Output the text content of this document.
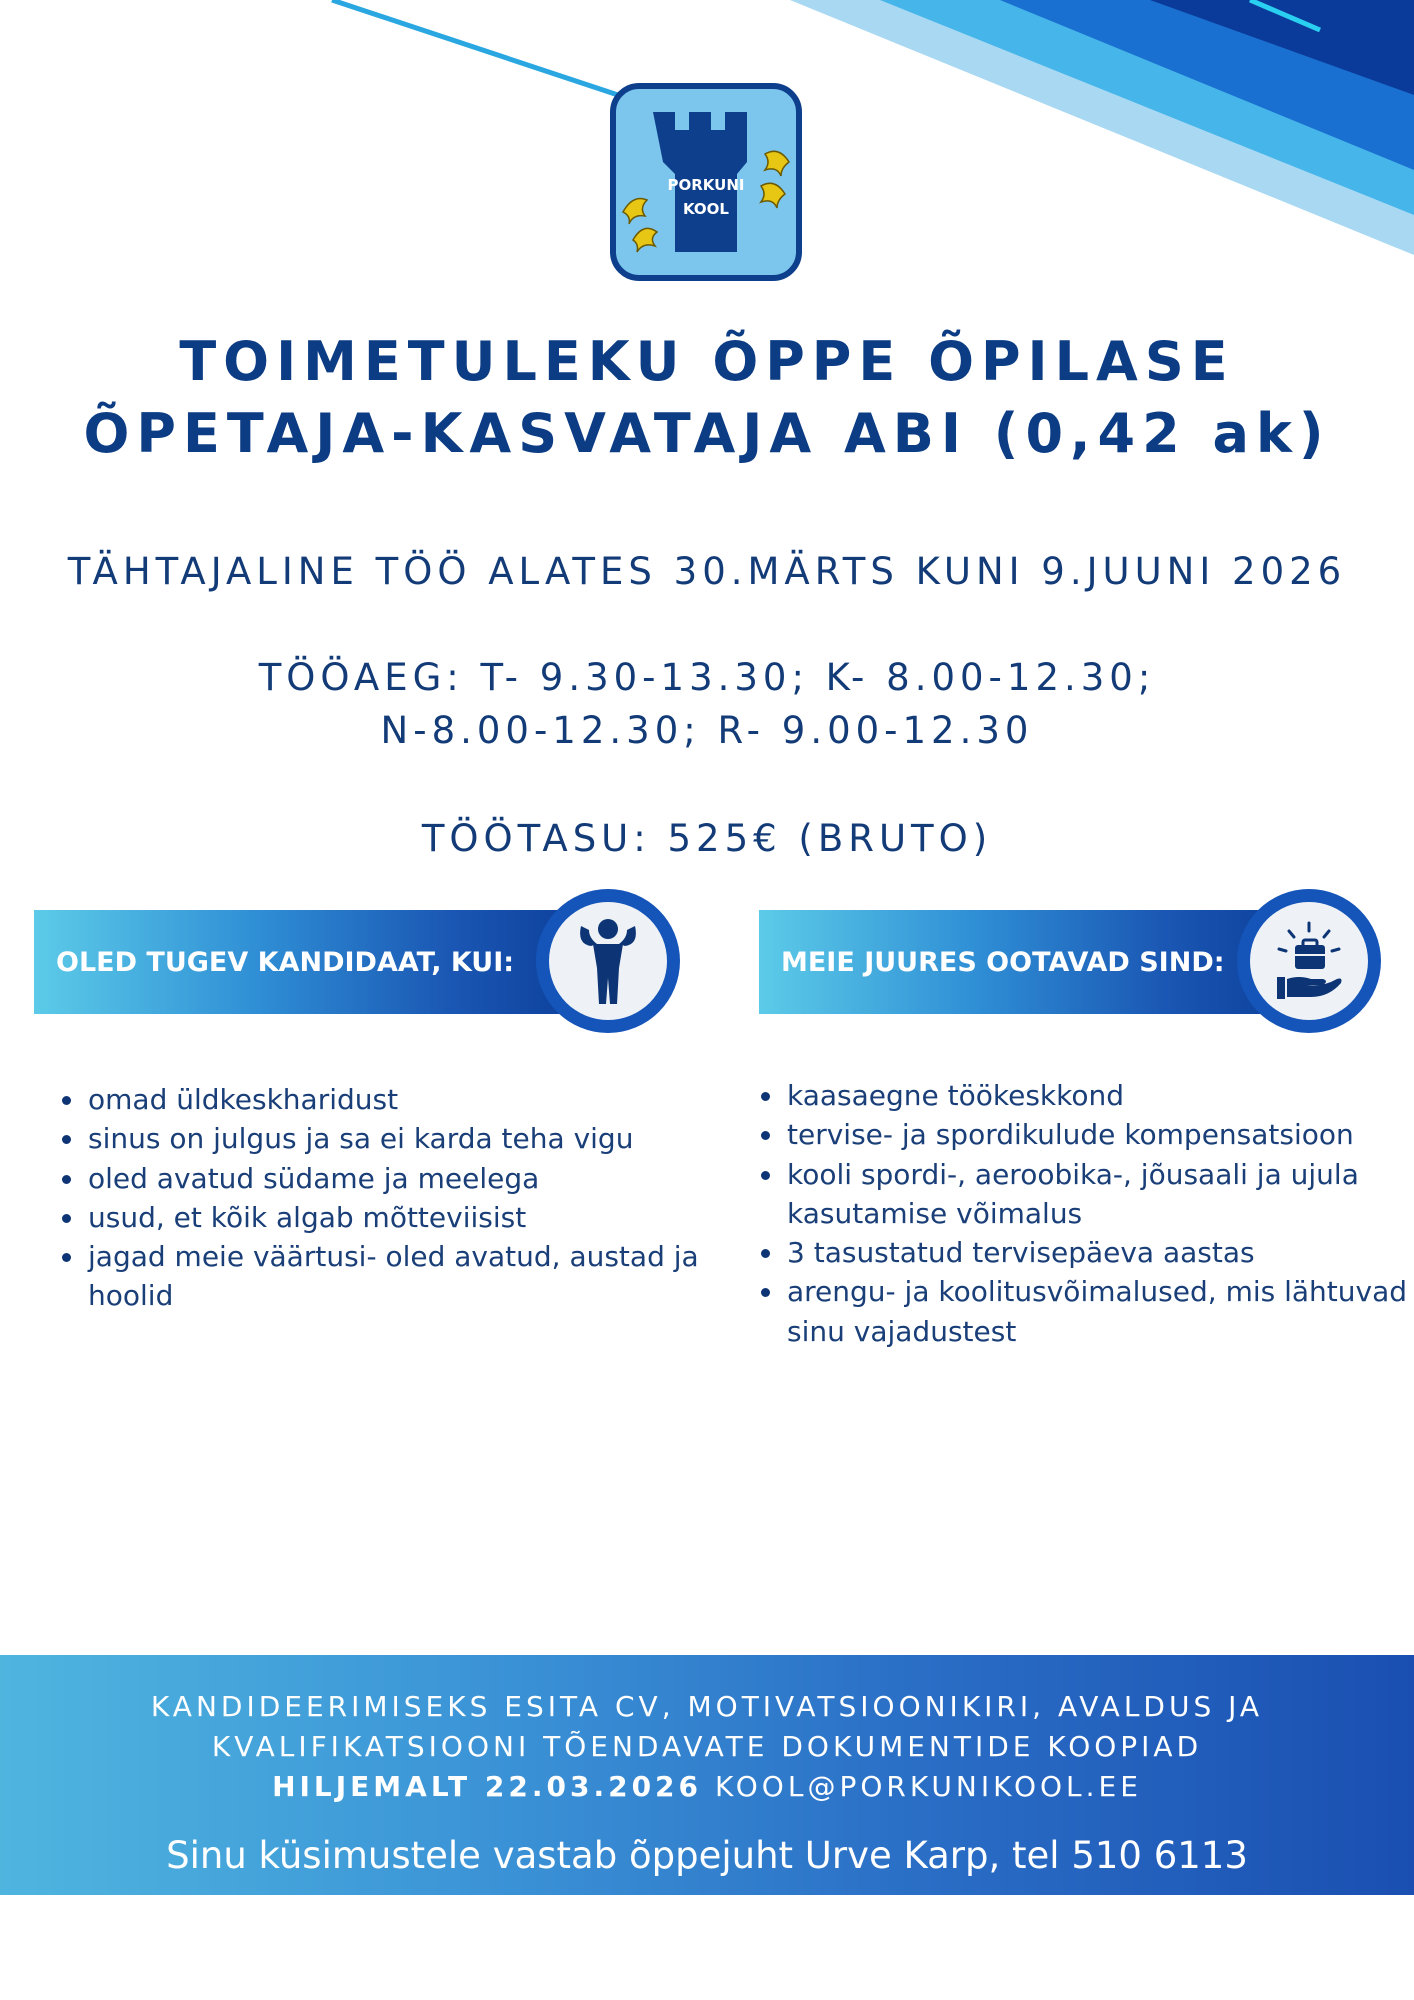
PORKUNI
KOOL
TOIMETULEKU ÕPPE ÕPILASE
ÕPETAJA-KASVATAJA ABI (0,42 ak)

TÄHTAJALINE TÖÖ ALATES 30.MÄRTS KUNI 9.JUUNI 2026

TÖÖAEG: T- 9.30-13.30; K- 8.00-12.30;
N-8.00-12.30; R- 9.00-12.30

TÖÖTASU: 525€ (BRUTO)

OLED TUGEV KANDIDAAT, KUI:
omad üldkeskharidust
sinus on julgus ja sa ei karda teha vigu
oled avatud südame ja meelega
usud, et kõik algab mõtteviisist
jagad meie väärtusi- oled avatud, austad ja hoolid
MEIE JUURES OOTAVAD SIND:
kaasaegne töökeskkond
tervise- ja spordikulude kompensatsioon
kooli spordi-, aeroobika-, jõusaali ja ujula kasutamise võimalus
3 tasustatud tervisepäeva aastas
arengu- ja koolitusvõimalused, mis lähtuvad sinu vajadustest

KANDIDEERIMISEKS ESITA CV, MOTIVATSIOONIKIRI, AVALDUS JA
KVALIFIKATSIOONI TÕENDAVATE DOKUMENTIDE KOOPIAD
HILJEMALT 22.03.2026 KOOL@PORKUNIKOOL.EE

Sinu küsimustele vastab õppejuht Urve Karp, tel 510 6113
